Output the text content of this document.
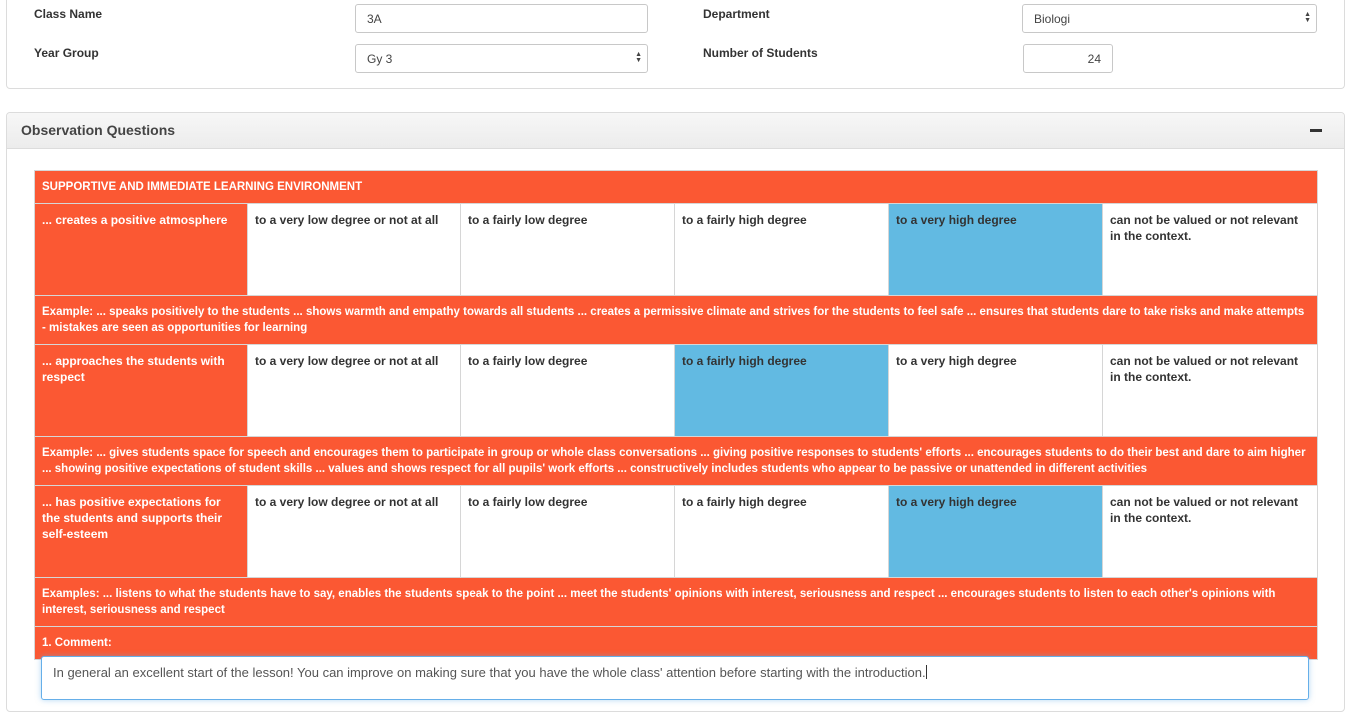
Class Name	3A
Year Group	Gy 3	▲
▼
Department	Biologi	▲
▼
Number of Students	24
Observation Questions
SUPPORTIVE AND IMMEDIATE LEARNING ENVIRONMENT					
... creates a positive atmosphere	to a very low degree or not at all	to a fairly low degree	to a fairly high degree	to a very high degree	can not be valued or not relevant in the context.
Example: ... speaks positively to the students ... shows warmth and empathy towards all students ... creates a permissive climate and strives for the students to feel safe ... ensures that students dare to take risks and make attempts - mistakes are seen as opportunities for learning					
... approaches the students with respect	to a very low degree or not at all	to a fairly low degree	to a fairly high degree	to a very high degree	can not be valued or not relevant in the context.
Example: ... gives students space for speech and encourages them to participate in group or whole class conversations ... giving positive responses to students' efforts ... encourages students to do their best and dare to aim higher ... showing positive expectations of student skills ... values and shows respect for all pupils' work efforts ... constructively includes students who appear to be passive or unattended in different activities					
... has positive expectations for the students and supports their self-esteem	to a very low degree or not at all	to a fairly low degree	to a fairly high degree	to a very high degree	can not be valued or not relevant in the context.
Examples: ... listens to what the students have to say, enables the students speak to the point ... meet the students' opinions with interest, seriousness and respect ... encourages students to listen to each other's opinions with interest, seriousness and respect					
1. Comment:					
In general an excellent start of the lesson! You can improve on making sure that you have the whole class' attention before starting with the introduction.
